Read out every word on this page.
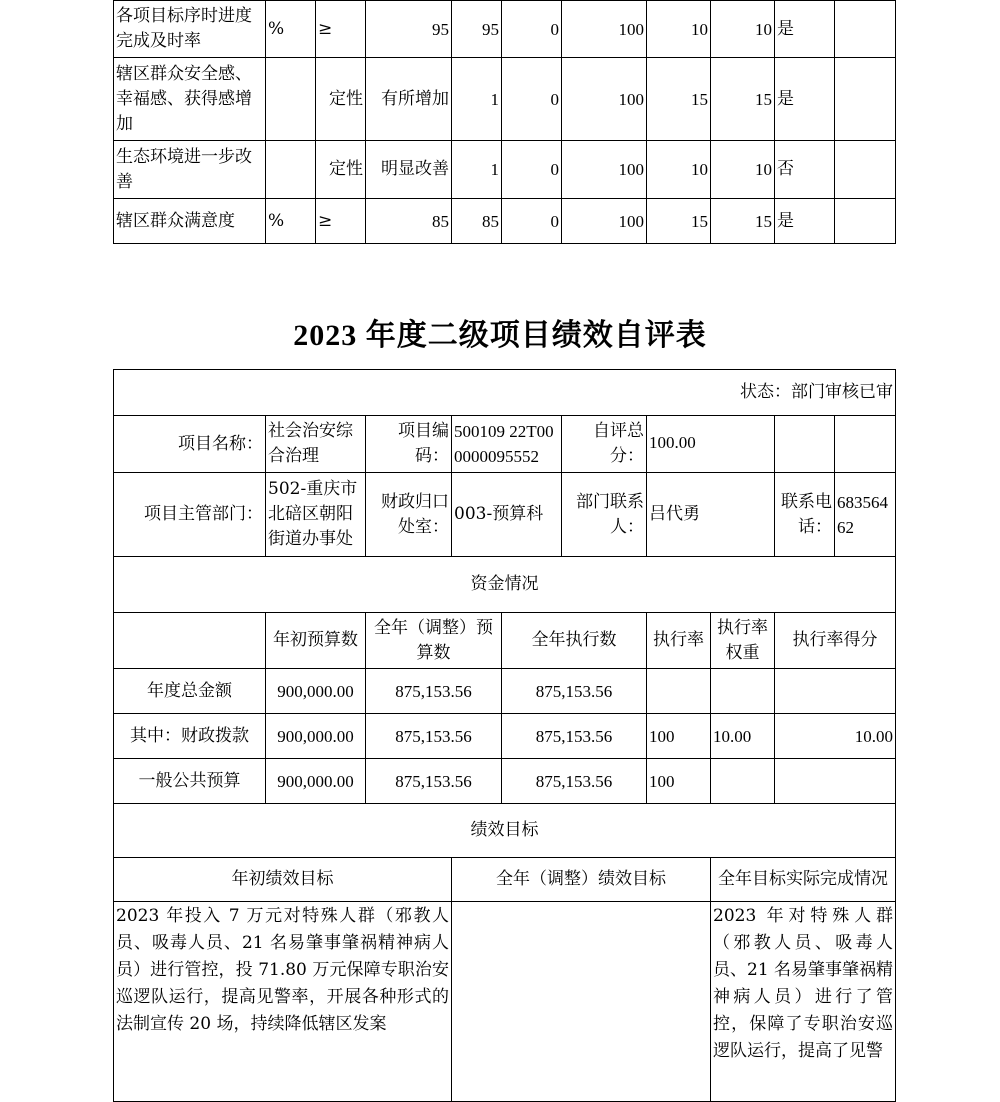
各项目标序时进度完成及时率	%	≥	95	95	0	100	10	10	是	
辖区群众安全感、幸福感、获得感增加		定性	有所增加	1	0	100	15	15	是	
生态环境进一步改善		定性	明显改善	1	0	100	10	10	否	
辖区群众满意度	%	≥	85	85	0	100	15	15	是	
2023 年度二级项目绩效自评表
状态：部门审核已审									
项目名称：	社会治安综合治理	项目编码：	500109 22T000000095552		自评总分：	100.00			
项目主管部门：	502-重庆市北碚区朝阳街道办事处	财政归口处室：	003-预算科		部门联系人：	吕代勇		联系电话：	68356462
资金情况									
	年初预算数	全年（调整）预算数		全年执行数		执行率	执行率权重	执行率得分	
年度总金额	900,000.00	875,153.56		875,153.56					
其中：财政拨款	900,000.00	875,153.56		875,153.56		100	10.00	10.00	
一般公共预算	900,000.00	875,153.56		875,153.56		100			
绩效目标									
年初绩效目标			全年（调整）绩效目标				全年目标实际完成情况		
2023 年投入 7 万元对特殊人群（邪教人员、吸毒人员、21 名易肇事肇祸精神病人员）进行管控，投 71.80 万元保障专职治安巡逻队运行，提高见警率，开展各种形式的法制宣传 20 场，持续降低辖区发案							2023 年对特殊人群（邪教人员、吸毒人员、21 名易肇事肇祸精神病人员）进行了管控，保障了专职治安巡逻队运行，提高了见警		
